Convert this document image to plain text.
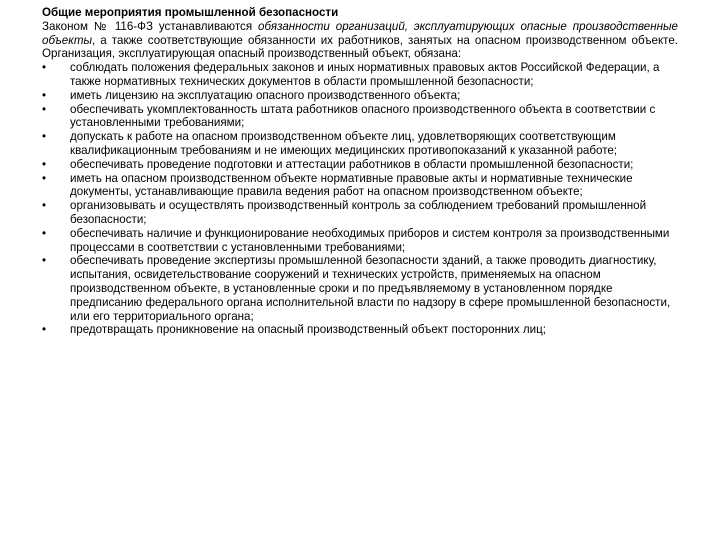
Общие мероприятия промышленной безопасности

Законом № 116-ФЗ устанавливаются обязанности организаций, эксплуатирующих опасные производственные объекты, а также соответствующие обязанности их работников, занятых на опасном производственном объекте.

Организация, эксплуатирующая опасный производственный объект, обязана:

•	соблюдать положения федеральных законов и иных нормативных правовых актов Российской Федерации, а также нормативных технических документов в области промышленной безопасности;
•	иметь лицензию на эксплуатацию опасного производственного объекта;
•	обеспечивать укомплектованность штата работников опасного производственного объекта в соответствии с установленными требованиями;
•	допускать к работе на опасном производственном объекте лиц, удовлетворяющих соответствующим квалификационным требованиям и не имеющих медицинских противопоказаний к указанной работе;
•	обеспечивать проведение подготовки и аттестации работников в области промышленной безопасности;
•	иметь на опасном производственном объекте нормативные правовые акты и нормативные технические документы, устанавливающие правила ведения работ на опасном производственном объекте;
•	организовывать и осуществлять производственный контроль за соблюдением требований промышленной безопасности;
•	обеспечивать наличие и функционирование необходимых приборов и систем контроля за производственными процессами в соответствии с установленными требованиями;
•	обеспечивать проведение экспертизы промышленной безопасности зданий, а также проводить диагностику, испытания, освидетельствование сооружений и технических устройств, применяемых на опасном производственном объекте, в установленные сроки и по предъявляемому в установленном порядке предписанию федерального органа исполнительной власти по надзору в сфере промышленной безопасности, или его территориального органа;
•	предотвращать проникновение на опасный производственный объект посторонних лиц;
